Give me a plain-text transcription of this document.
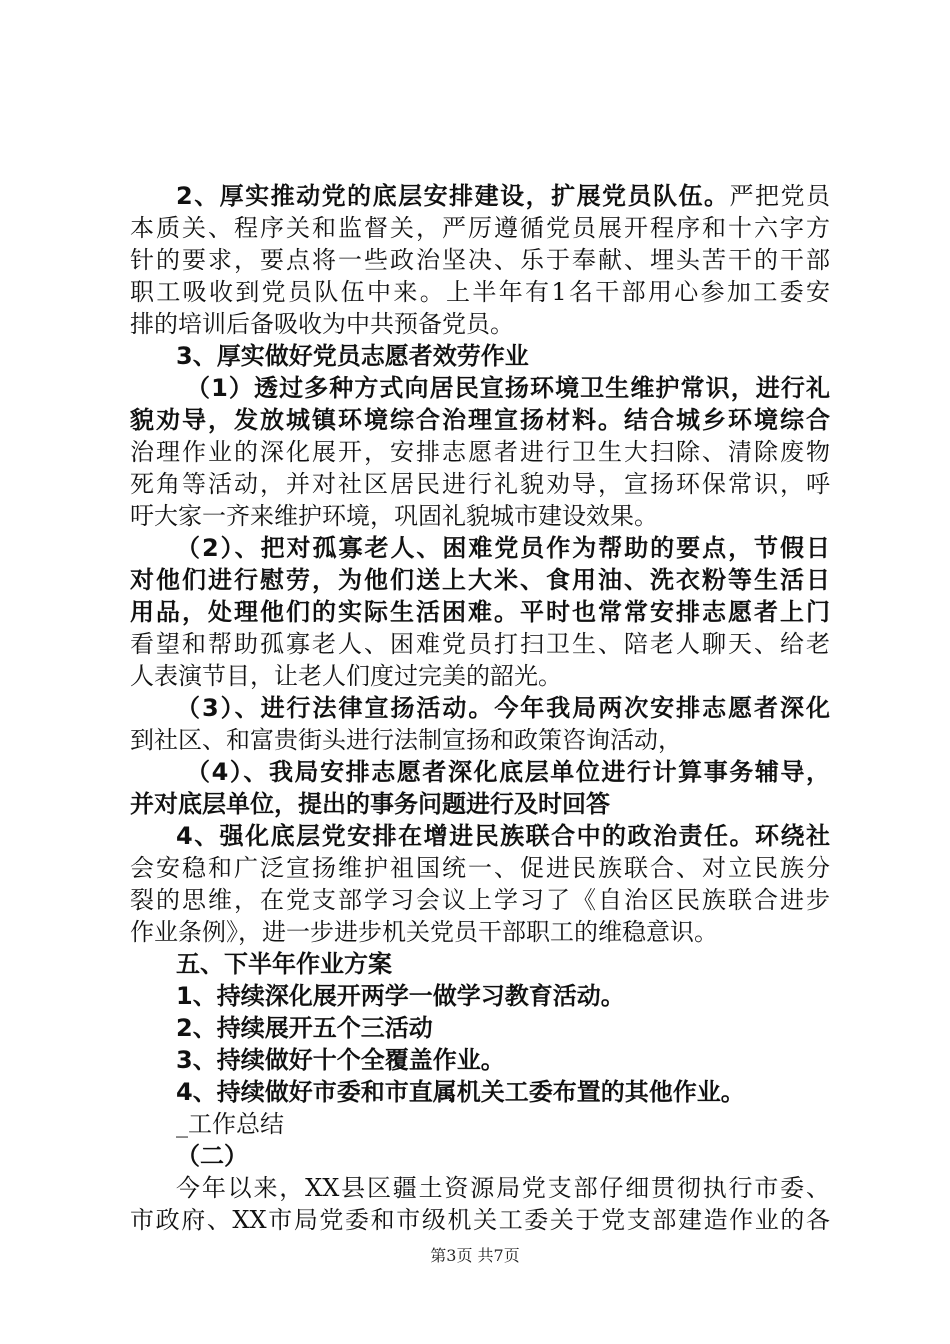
2、厚实推动党的底层安排建设，扩展党员队伍。严把党员
本质关、程序关和监督关，严厉遵循党员展开程序和十六字方
针的要求，要点将一些政治坚决、乐于奉献、埋头苦干的干部
职工吸收到党员队伍中来。上半年有1名干部用心参加工委安
排的培训后备吸收为中共预备党员。
3、厚实做好党员志愿者效劳作业
（1）透过多种方式向居民宣扬环境卫生维护常识，进行礼
貌劝导，发放城镇环境综合治理宣扬材料。结合城乡环境综合
治理作业的深化展开，安排志愿者进行卫生大扫除、清除废物
死角等活动，并对社区居民进行礼貌劝导，宣扬环保常识，呼
吁大家一齐来维护环境，巩固礼貌城市建设效果。
（2）、把对孤寡老人、困难党员作为帮助的要点，节假日
对他们进行慰劳，为他们送上大米、食用油、洗衣粉等生活日
用品，处理他们的实际生活困难。平时也常常安排志愿者上门
看望和帮助孤寡老人、困难党员打扫卫生、陪老人聊天、给老
人表演节目，让老人们度过完美的韶光。
（3）、进行法律宣扬活动。今年我局两次安排志愿者深化
到社区、和富贵街头进行法制宣扬和政策咨询活动，
（4）、我局安排志愿者深化底层单位进行计算事务辅导，
并对底层单位，提出的事务问题进行及时回答
4、强化底层党安排在增进民族联合中的政治责任。环绕社
会安稳和广泛宣扬维护祖国统一、促进民族联合、对立民族分
裂的思维，在党支部学习会议上学习了《自治区民族联合进步
作业条例》，进一步进步机关党员干部职工的维稳意识。
五、下半年作业方案
1、持续深化展开两学一做学习教育活动。
2、持续展开五个三活动
3、持续做好十个全覆盖作业。
4、持续做好市委和市直属机关工委布置的其他作业。
_工作总结
（二）
今年以来，XX县区疆土资源局党支部仔细贯彻执行市委、
市政府、XX市局党委和市级机关工委关于党支部建造作业的各
第3页 共7页
